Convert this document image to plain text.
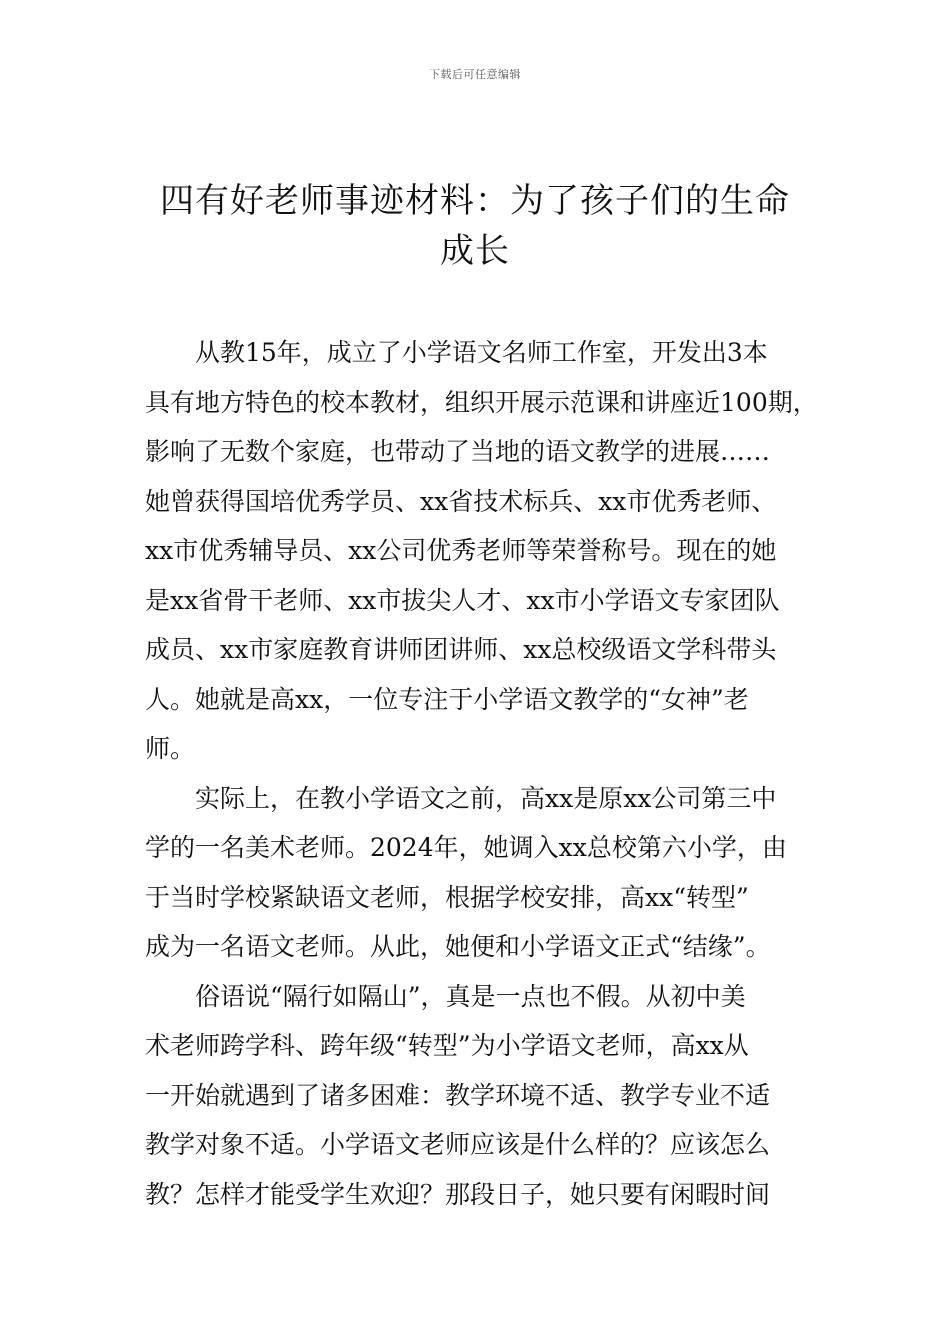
下载后可任意编辑
四有好老师事迹材料：为了孩子们的生命
成长

从教15年，成立了小学语文名师工作室，开发出3本
具有地方特色的校本教材，组织开展示范课和讲座近100期，
影响了无数个家庭，也带动了当地的语文教学的进展……
她曾获得国培优秀学员、xx省技术标兵、xx市优秀老师、
xx市优秀辅导员、xx公司优秀老师等荣誉称号。现在的她
是xx省骨干老师、xx市拔尖人才、xx市小学语文专家团队
成员、xx市家庭教育讲师团讲师、xx总校级语文学科带头
人。她就是高xx，一位专注于小学语文教学的“女神”老
师。

实际上，在教小学语文之前，高xx是原xx公司第三中
学的一名美术老师。2024年，她调入xx总校第六小学，由
于当时学校紧缺语文老师，根据学校安排，高xx“转型”
成为一名语文老师。从此，她便和小学语文正式“结缘”。

俗语说“隔行如隔山”，真是一点也不假。从初中美
术老师跨学科、跨年级“转型”为小学语文老师，高xx从
一开始就遇到了诸多困难：教学环境不适、教学专业不适
教学对象不适。小学语文老师应该是什么样的？应该怎么
教？怎样才能受学生欢迎？那段日子，她只要有闲暇时间
